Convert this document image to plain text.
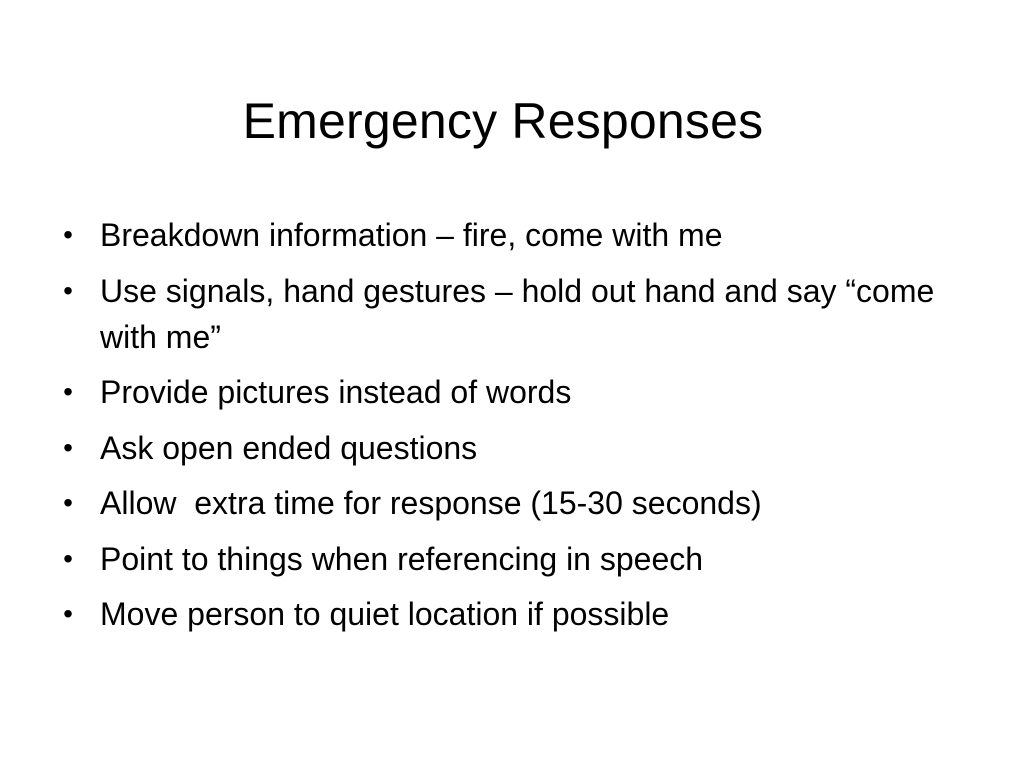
Emergency Responses
• Breakdown information – fire, come with me
• Use signals, hand gestures – hold out hand and say “come with me”
• Provide pictures instead of words
• Ask open ended questions
• Allow  extra time for response (15-30 seconds)
• Point to things when referencing in speech
• Move person to quiet location if possible
